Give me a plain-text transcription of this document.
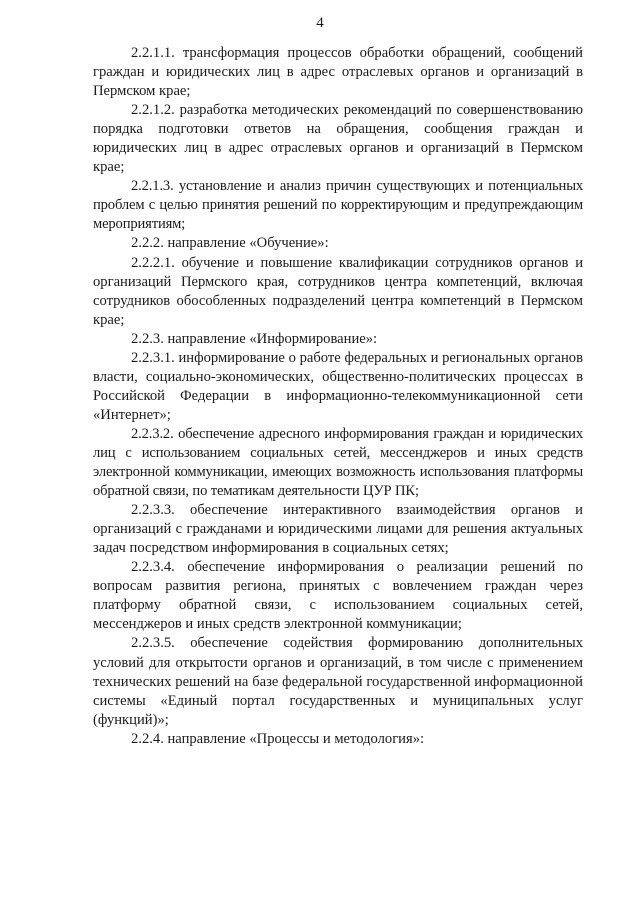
4

2.2.1.1. трансформация процессов обработки обращений, сообщений граждан и юридических лиц в адрес отраслевых органов и организаций в Пермском крае;

2.2.1.2. разработка методических рекомендаций по совершенствованию порядка подготовки ответов на обращения, сообщения граждан и юридических лиц в адрес отраслевых органов и организаций в Пермском крае;

2.2.1.3. установление и анализ причин существующих и потенциальных проблем с целью принятия решений по корректирующим и предупреждающим мероприятиям;

2.2.2. направление «Обучение»:

2.2.2.1. обучение и повышение квалификации сотрудников органов и организаций Пермского края, сотрудников центра компетенций, включая сотрудников обособленных подразделений центра компетенций в Пермском крае;

2.2.3. направление «Информирование»:

2.2.3.1. информирование о работе федеральных и региональных органов власти, социально-экономических, общественно-политических процессах в Российской Федерации в информационно-телекоммуникационной сети «Интернет»;

2.2.3.2. обеспечение адресного информирования граждан и юридических лиц с использованием социальных сетей, мессенджеров и иных средств электронной коммуникации, имеющих возможность использования платформы обратной связи, по тематикам деятельности ЦУР ПК;

2.2.3.3. обеспечение интерактивного взаимодействия органов и организаций с гражданами и юридическими лицами для решения актуальных задач посредством информирования в социальных сетях;

2.2.3.4. обеспечение информирования о реализации решений по вопросам развития региона, принятых с вовлечением граждан через платформу обратной связи, с использованием социальных сетей, мессенджеров и иных средств электронной коммуникации;

2.2.3.5. обеспечение содействия формированию дополнительных условий для открытости органов и организаций, в том числе с применением технических решений на базе федеральной государственной информационной системы «Единый портал государственных и муниципальных услуг (функций)»;

2.2.4. направление «Процессы и методология»:
